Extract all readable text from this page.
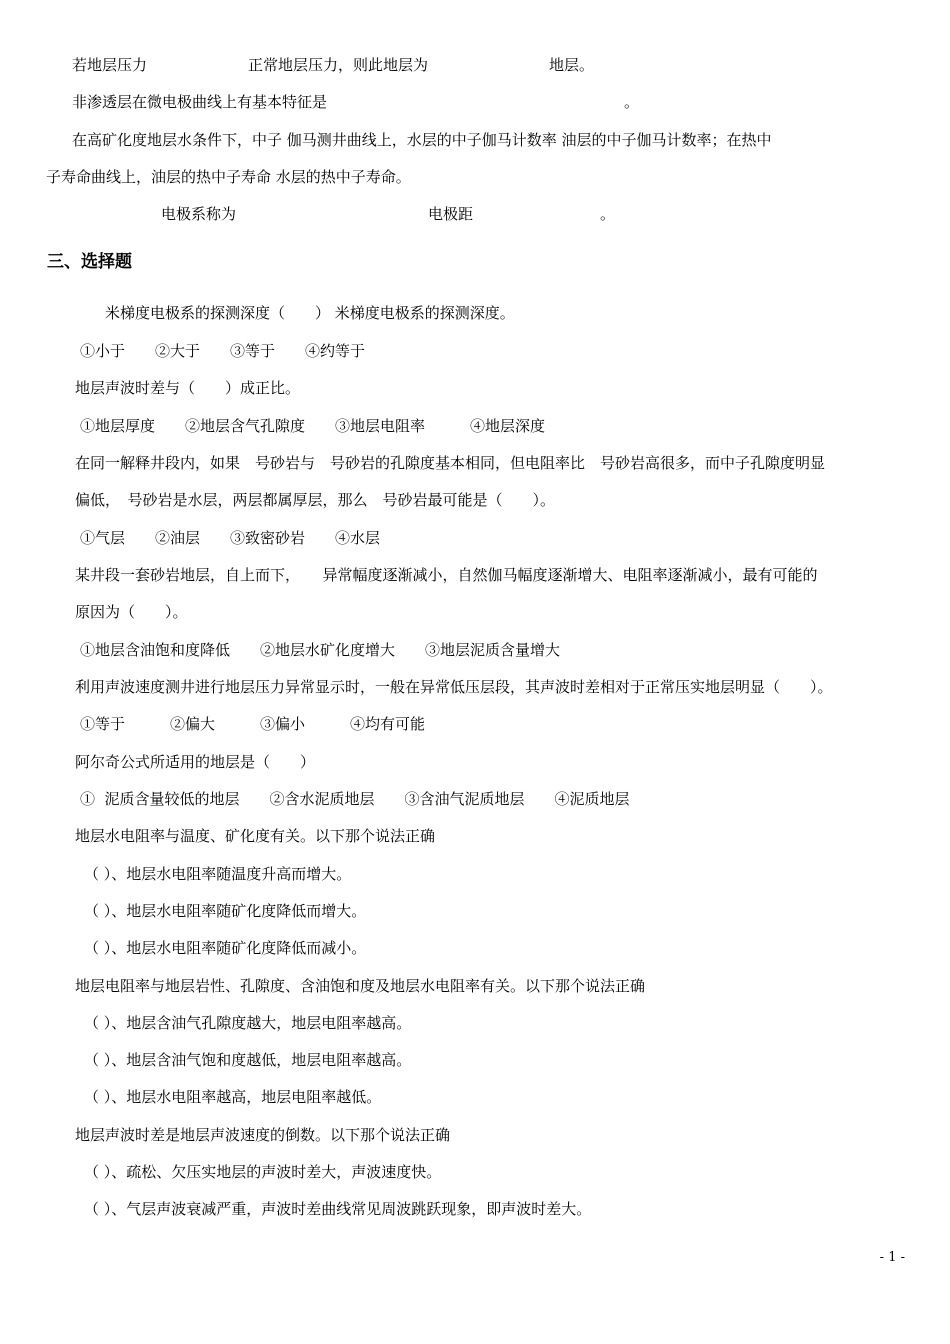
若地层压力	正常地层压力，则此地层为	地层。
非渗透层在微电极曲线上有基本特征是	。
在高矿化度地层水条件下，中子 伽马测井曲线上，水层的中子伽马计数率 油层的中子伽马计数率；在热中
子寿命曲线上，油层的热中子寿命 水层的热中子寿命。
电极系称为	电极距	。
三、选择题
米梯度电极系的探测深度（　　） 米梯度电极系的探测深度。
①小于　　②大于　　③等于　　④约等于
地层声波时差与（　　）成正比。
①地层厚度　　②地层含气孔隙度　　③地层电阻率　　　④地层深度
在同一解释井段内，如果　号砂岩与　号砂岩的孔隙度基本相同，但电阻率比　号砂岩高很多，而中子孔隙度明显
偏低，　号砂岩是水层，两层都属厚层，那么　号砂岩最可能是（　　）。
①气层　　②油层　　③致密砂岩　　④水层
某井段一套砂岩地层，自上而下，　　异常幅度逐渐减小，自然伽马幅度逐渐增大、电阻率逐渐减小，最有可能的
原因为（　　）。
①地层含油饱和度降低　　②地层水矿化度增大　　③地层泥质含量增大
利用声波速度测井进行地层压力异常显示时，一般在异常低压层段，其声波时差相对于正常压实地层明显（　　）。
①等于　　　②偏大　　　③偏小　　　④均有可能
阿尔奇公式所适用的地层是（　　）
①  泥质含量较低的地层　　②含水泥质地层　　③含油气泥质地层　　④泥质地层
地层水电阻率与温度、矿化度有关。以下那个说法正确
（ ）、地层水电阻率随温度升高而增大。
（ ）、地层水电阻率随矿化度降低而增大。
（ ）、地层水电阻率随矿化度降低而减小。
地层电阻率与地层岩性、孔隙度、含油饱和度及地层水电阻率有关。以下那个说法正确
（ ）、地层含油气孔隙度越大，地层电阻率越高。
（ ）、地层含油气饱和度越低，地层电阻率越高。
（ ）、地层水电阻率越高，地层电阻率越低。
地层声波时差是地层声波速度的倒数。以下那个说法正确
（ ）、疏松、欠压实地层的声波时差大，声波速度快。
（ ）、气层声波衰减严重，声波时差曲线常见周波跳跃现象，即声波时差大。
- 1 -
